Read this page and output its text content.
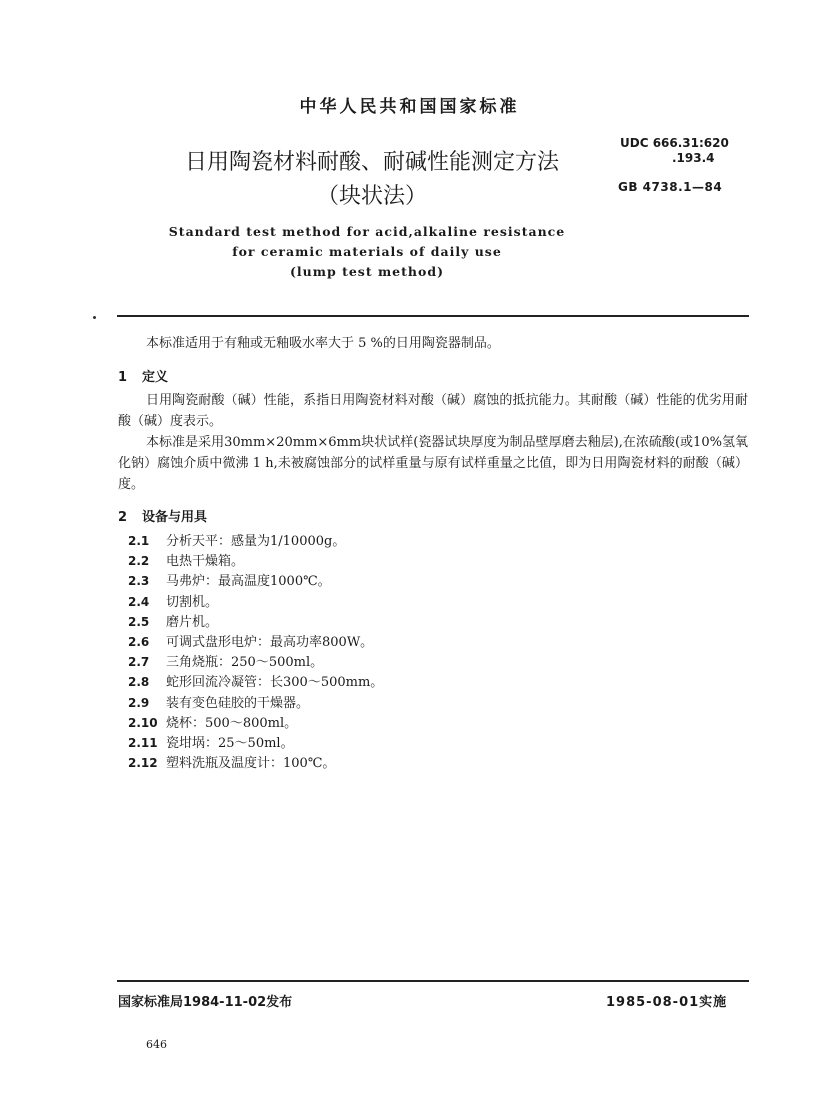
中华人民共和国国家标准
日用陶瓷材料耐酸、耐碱性能测定方法
（块状法）
UDC 666.31:620
.193.4
GB 4738.1—84
Standard test method for acid,alkaline resistance
for ceramic materials of daily use
(lump test method)
本标准适用于有釉或无釉吸水率大于 5 %的日用陶瓷器制品。
1 定义
日用陶瓷耐酸（碱）性能，系指日用陶瓷材料对酸（碱）腐蚀的抵抗能力。其耐酸（碱）性能的优劣用耐酸（碱）度表示。
本标准是采用30mm×20mm×6mm块状试样(瓷器试块厚度为制品壁厚磨去釉层),在浓硫酸(或10%氢氧化钠）腐蚀介质中微沸 1 h,未被腐蚀部分的试样重量与原有试样重量之比值，即为日用陶瓷材料的耐酸（碱）度。
2 设备与用具
2.1 分析天平：感量为1/10000g。
2.2 电热干燥箱。
2.3 马弗炉：最高温度1000℃。
2.4 切割机。
2.5 磨片机。
2.6 可调式盘形电炉：最高功率800W。
2.7 三角烧瓶：250～500ml。
2.8 蛇形回流冷凝管：长300～500mm。
2.9 装有变色硅胶的干燥器。
2.10 烧杯：500～800ml。
2.11 瓷坩埚：25～50ml。
2.12 塑料洗瓶及温度计：100℃。
国家标准局1984-11-02发布	1985-08-01实施
646
